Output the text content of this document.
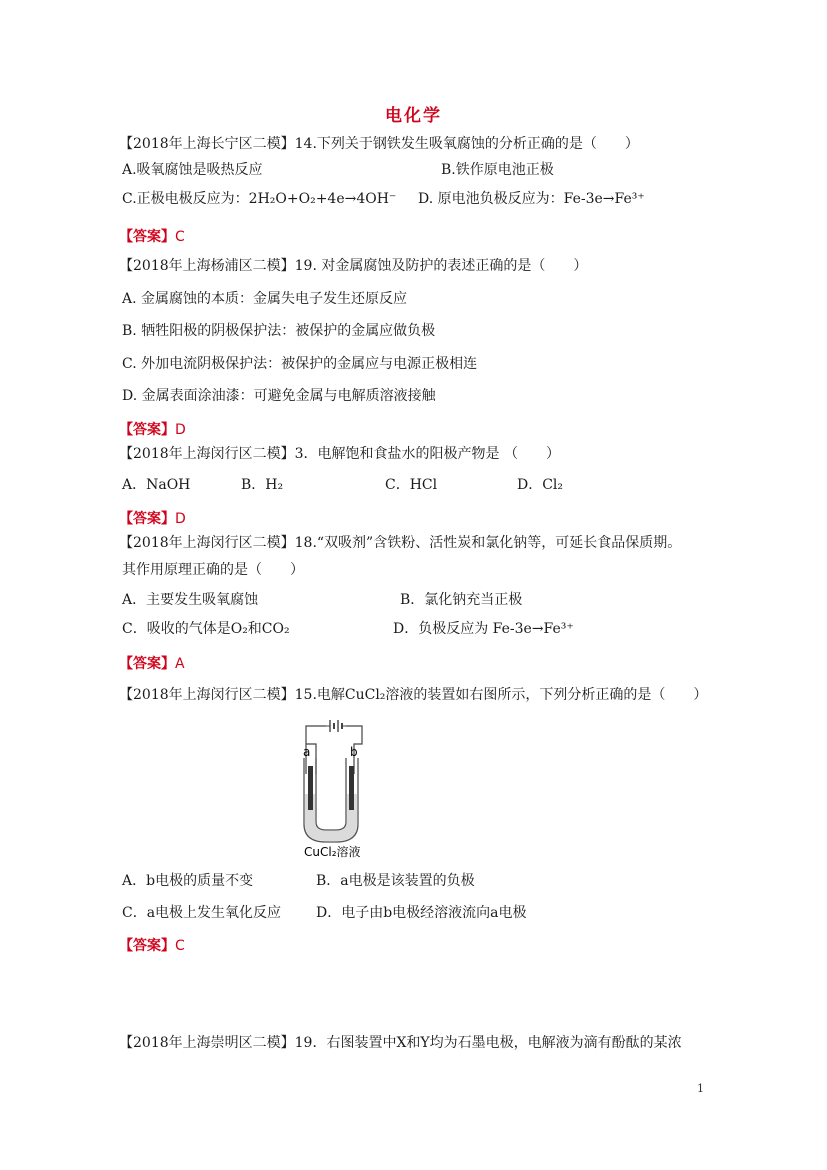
电化学
【2018年上海长宁区二模】14.下列关于钢铁发生吸氧腐蚀的分析正确的是（　　）
A.吸氧腐蚀是吸热反应	B.铁作原电池正极
C.正极电极反应为：2H₂O+O₂+4e→4OH⁻ D. 原电池负极反应为：Fe-3e→Fe³⁺
【答案】C
【2018年上海杨浦区二模】19. 对金属腐蚀及防护的表述正确的是（　　）
A. 金属腐蚀的本质：金属失电子发生还原反应
B. 牺牲阳极的阴极保护法：被保护的金属应做负极
C. 外加电流阴极保护法：被保护的金属应与电源正极相连
D. 金属表面涂油漆：可避免金属与电解质溶液接触
【答案】D
【2018年上海闵行区二模】3．电解饱和食盐水的阳极产物是 （　　）
A．NaOH	B．H₂	C．HCl	D．Cl₂
【答案】D
【2018年上海闵行区二模】18.“双吸剂”含铁粉、活性炭和氯化钠等，可延长食品保质期。
其作用原理正确的是（　　）
A．主要发生吸氧腐蚀	B．氯化钠充当正极
C．吸收的气体是O₂和CO₂	D．负极反应为 Fe-3e→Fe³⁺
【答案】A
【2018年上海闵行区二模】15.电解CuCl₂溶液的装置如右图所示，下列分析正确的是（　　）
a	b
CuCl₂溶液
A．b电极的质量不变	B．a电极是该装置的负极
C．a电极上发生氧化反应 D．电子由b电极经溶液流向a电极
【答案】C
【2018年上海崇明区二模】19．右图装置中X和Y均为石墨电极，电解液为滴有酚酞的某浓
1
